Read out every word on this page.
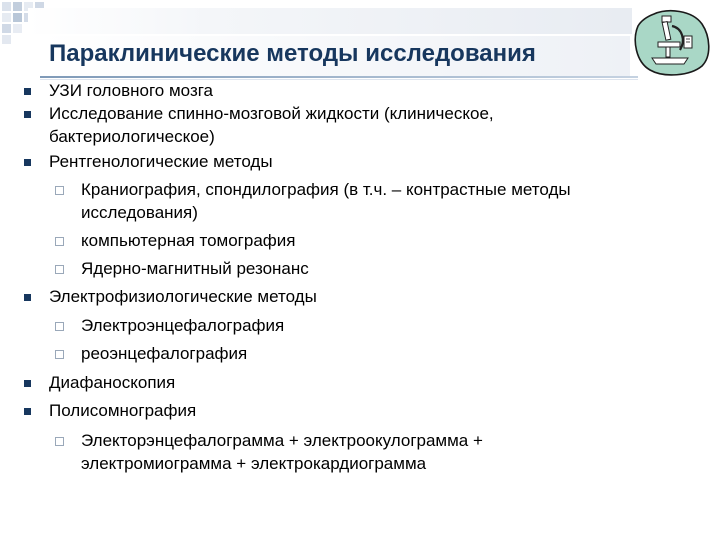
Параклинические методы исследования
УЗИ головного мозга
Исследование спинно-мозговой жидкости (клиническое,
бактериологическое)
Рентгенологические методы
Краниография, спондилография (в т.ч. – контрастные методы
исследования)
компьютерная томография
Ядерно-магнитный резонанс
Электрофизиологические методы
Электроэнцефалография
реоэнцефалография
Диафаноскопия
Полисомнография
Электорэнцефалограмма + электроокулограмма +
электромиограмма + электрокардиограмма
